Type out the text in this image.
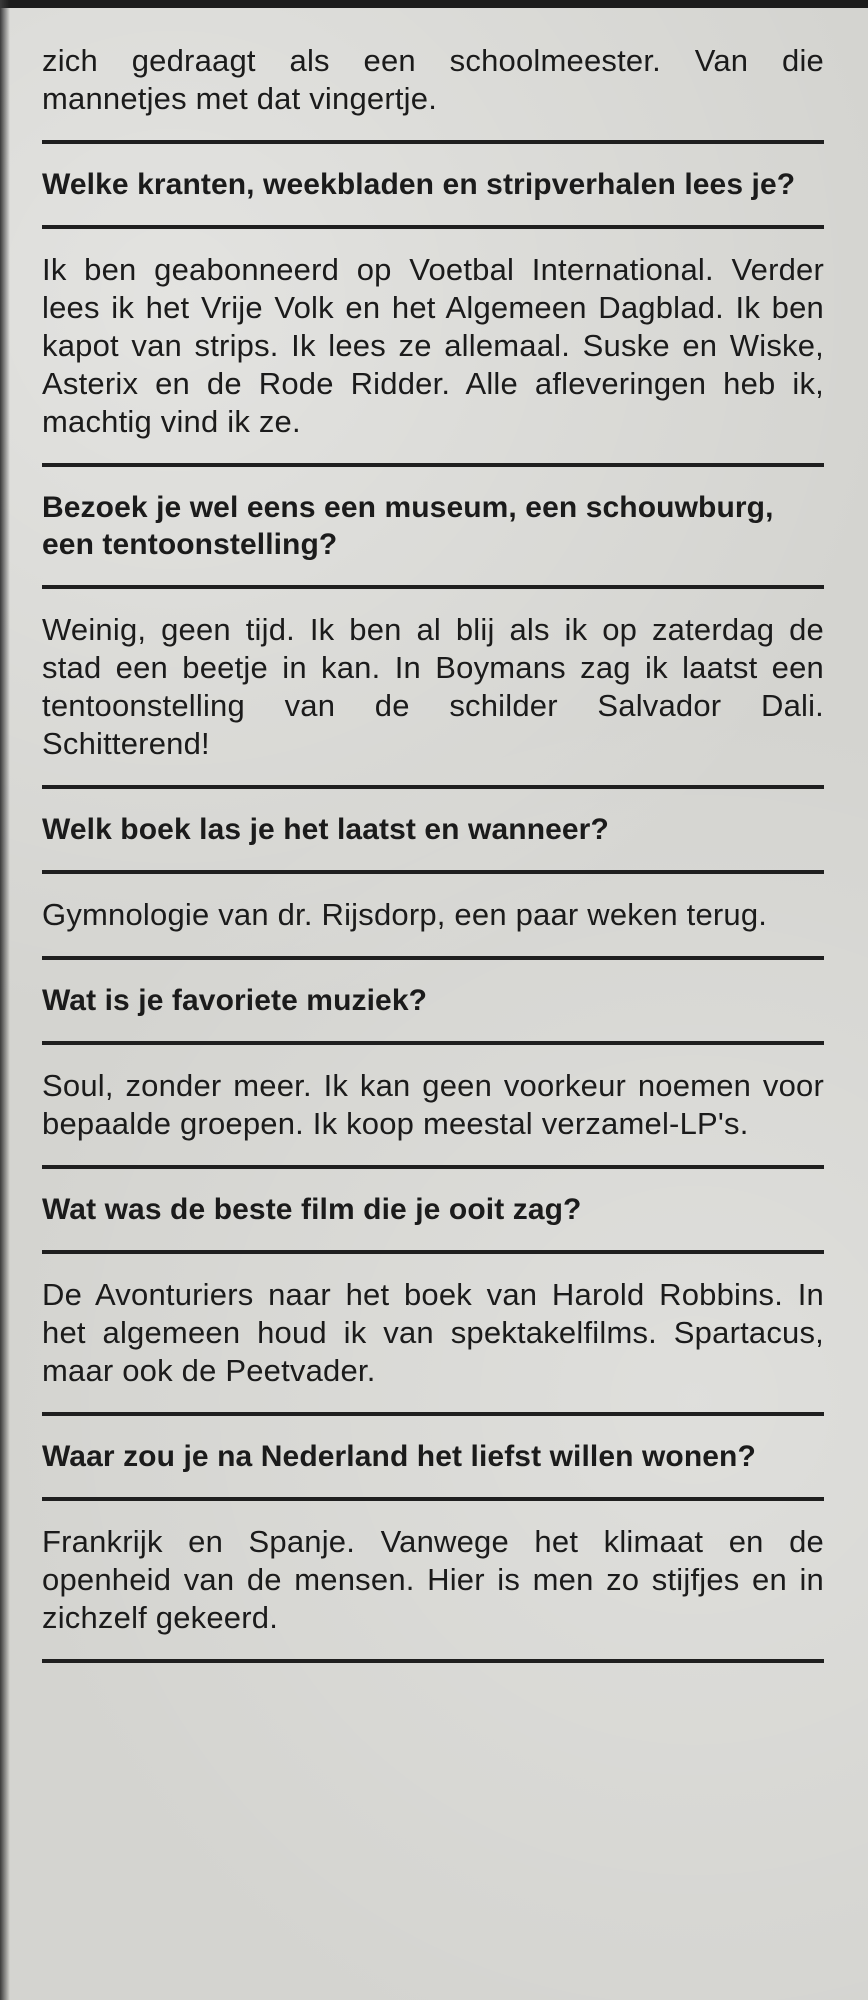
zich gedraagt als een schoolmeester. Van die mannetjes met dat vingertje.

Welke kranten, weekbladen en stripverhalen lees je?

Ik ben geabonneerd op Voetbal International. Verder lees ik het Vrije Volk en het Algemeen Dagblad. Ik ben kapot van strips. Ik lees ze allemaal. Suske en Wiske, Asterix en de Rode Ridder. Alle afleveringen heb ik, machtig vind ik ze.

Bezoek je wel eens een museum, een schouwburg, een tentoonstelling?

Weinig, geen tijd. Ik ben al blij als ik op zaterdag de stad een beetje in kan. In Boymans zag ik laatst een tentoonstelling van de schilder Salvador Dali. Schitterend!

Welk boek las je het laatst en wanneer?

Gymnologie van dr. Rijsdorp, een paar weken terug.

Wat is je favoriete muziek?

Soul, zonder meer. Ik kan geen voorkeur noemen voor bepaalde groepen. Ik koop meestal verzamel-LP's.

Wat was de beste film die je ooit zag?

De Avonturiers naar het boek van Harold Robbins. In het algemeen houd ik van spektakelfilms. Spartacus, maar ook de Peetvader.

Waar zou je na Nederland het liefst willen wonen?

Frankrijk en Spanje. Vanwege het klimaat en de openheid van de mensen. Hier is men zo stijfjes en in zichzelf gekeerd.
